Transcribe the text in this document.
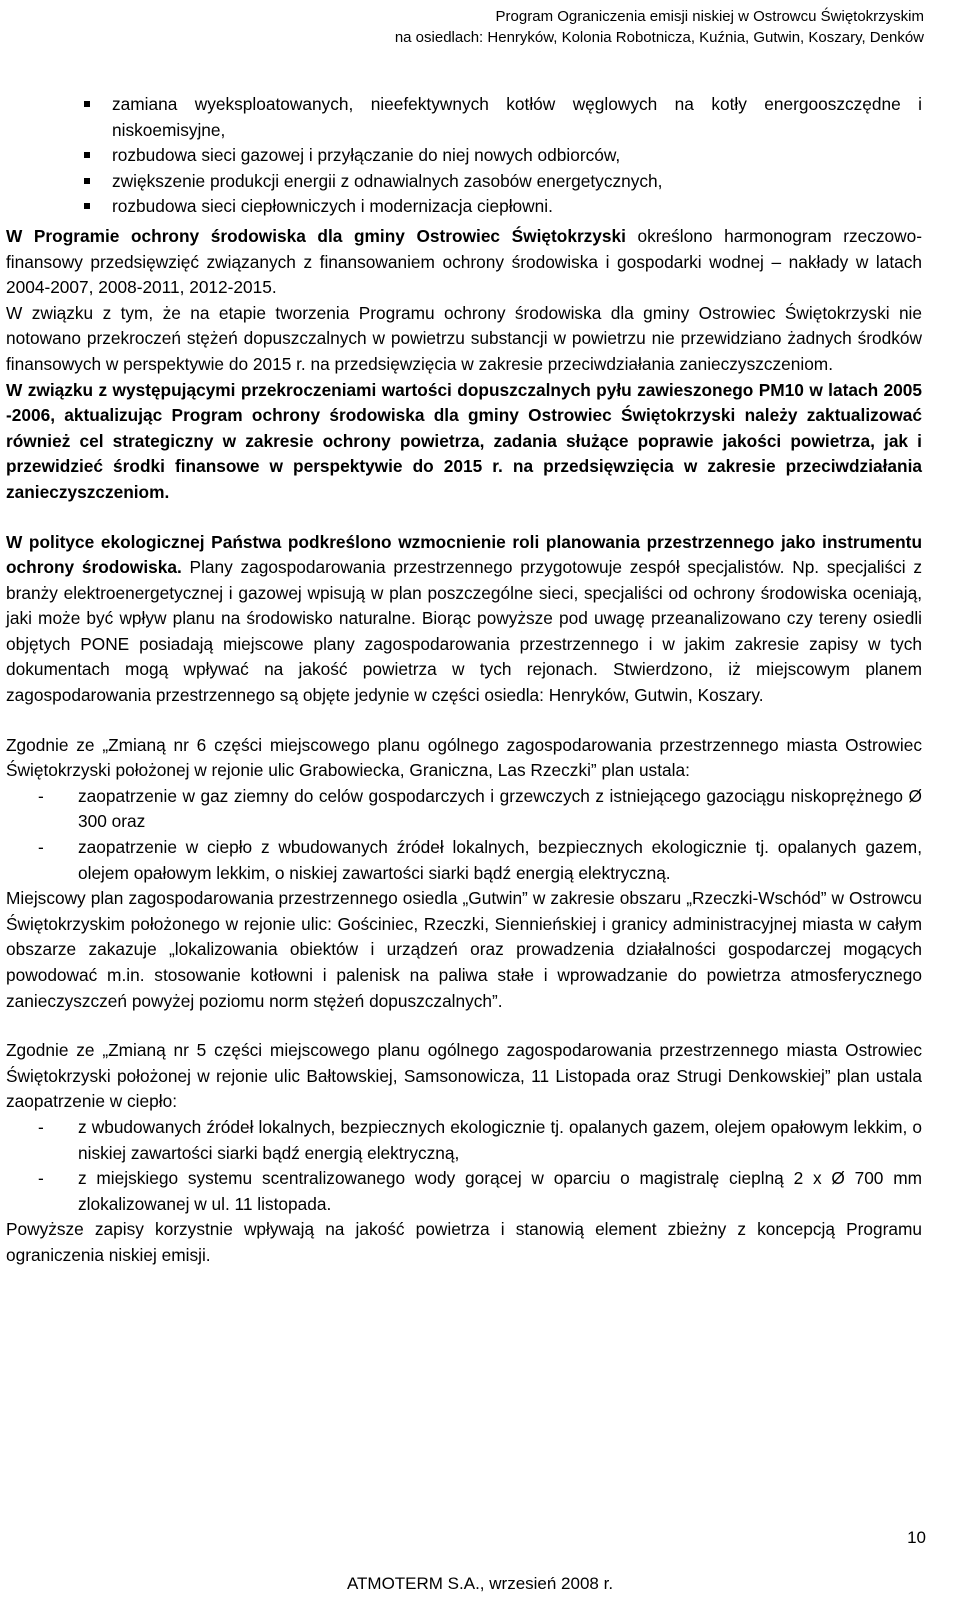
Program Ograniczenia emisji niskiej w Ostrowcu Świętokrzyskim
na osiedlach: Henryków, Kolonia Robotnicza, Kuźnia, Gutwin, Koszary, Denków
zamiana wyeksploatowanych, nieefektywnych kotłów węglowych na kotły energooszczędne i niskoemisyjne,
rozbudowa sieci gazowej i przyłączanie do niej nowych odbiorców,
zwiększenie produkcji energii z odnawialnych zasobów energetycznych,
rozbudowa sieci ciepłowniczych i modernizacja ciepłowni.

W Programie ochrony środowiska dla gminy Ostrowiec Świętokrzyski określono harmonogram rzeczowo-finansowy przedsięwzięć związanych z finansowaniem ochrony środowiska i gospodarki wodnej – nakłady w latach 2004-2007, 2008-2011, 2012-2015.

W związku z tym, że na etapie tworzenia Programu ochrony środowiska dla gminy Ostrowiec Świętokrzyski nie notowano przekroczeń stężeń dopuszczalnych w powietrzu substancji w powietrzu nie przewidziano żadnych środków finansowych w perspektywie do 2015 r. na przedsięwzięcia w zakresie przeciwdziałania zanieczyszczeniom.

W związku z występującymi przekroczeniami wartości dopuszczalnych pyłu zawieszonego PM10 w latach 2005 -2006, aktualizując Program ochrony środowiska dla gminy Ostrowiec Świętokrzyski należy zaktualizować również cel strategiczny w zakresie ochrony powietrza, zadania służące poprawie jakości powietrza, jak i przewidzieć środki finansowe w perspektywie do 2015 r. na przedsięwzięcia w zakresie przeciwdziałania zanieczyszczeniom.

W polityce ekologicznej Państwa podkreślono wzmocnienie roli planowania przestrzennego jako instrumentu ochrony środowiska. Plany zagospodarowania przestrzennego przygotowuje zespół specjalistów. Np. specjaliści z branży elektroenergetycznej i gazowej wpisują w plan poszczególne sieci, specjaliści od ochrony środowiska oceniają, jaki może być wpływ planu na środowisko naturalne. Biorąc powyższe pod uwagę przeanalizowano czy tereny osiedli objętych PONE posiadają miejscowe plany zagospodarowania przestrzennego i w jakim zakresie zapisy w tych dokumentach mogą wpływać na jakość powietrza w tych rejonach. Stwierdzono, iż miejscowym planem zagospodarowania przestrzennego są objęte jedynie w części osiedla: Henryków, Gutwin, Koszary.

Zgodnie ze „Zmianą nr 6 części miejscowego planu ogólnego zagospodarowania przestrzennego miasta Ostrowiec Świętokrzyski położonej w rejonie ulic Grabowiecka, Graniczna, Las Rzeczki” plan ustala:

- zaopatrzenie w gaz ziemny do celów gospodarczych i grzewczych z istniejącego gazociągu niskoprężnego Ø 300 oraz
- zaopatrzenie w ciepło z wbudowanych źródeł lokalnych, bezpiecznych ekologicznie tj. opalanych gazem, olejem opałowym lekkim, o niskiej zawartości siarki bądź energią elektryczną.

Miejscowy plan zagospodarowania przestrzennego osiedla „Gutwin” w zakresie obszaru „Rzeczki-Wschód” w Ostrowcu Świętokrzyskim położonego w rejonie ulic: Gościniec, Rzeczki, Siennieńskiej i granicy administracyjnej miasta w całym obszarze zakazuje „lokalizowania obiektów i urządzeń oraz prowadzenia działalności gospodarczej mogących powodować m.in. stosowanie kotłowni i palenisk na paliwa stałe i wprowadzanie do powietrza atmosferycznego zanieczyszczeń powyżej poziomu norm stężeń dopuszczalnych”.

Zgodnie ze „Zmianą nr 5 części miejscowego planu ogólnego zagospodarowania przestrzennego miasta Ostrowiec Świętokrzyski położonej w rejonie ulic Bałtowskiej, Samsonowicza, 11 Listopada oraz Strugi Denkowskiej” plan ustala zaopatrzenie w ciepło:

- z wbudowanych źródeł lokalnych, bezpiecznych ekologicznie tj. opalanych gazem, olejem opałowym lekkim, o niskiej zawartości siarki bądź energią elektryczną,
- z miejskiego systemu scentralizowanego wody gorącej w oparciu o magistralę cieplną 2 x Ø 700 mm zlokalizowanej w ul. 11 listopada.

Powyższe zapisy korzystnie wpływają na jakość powietrza i stanowią element zbieżny z koncepcją Programu ograniczenia niskiej emisji.

10
ATMOTERM S.A., wrzesień 2008 r.
